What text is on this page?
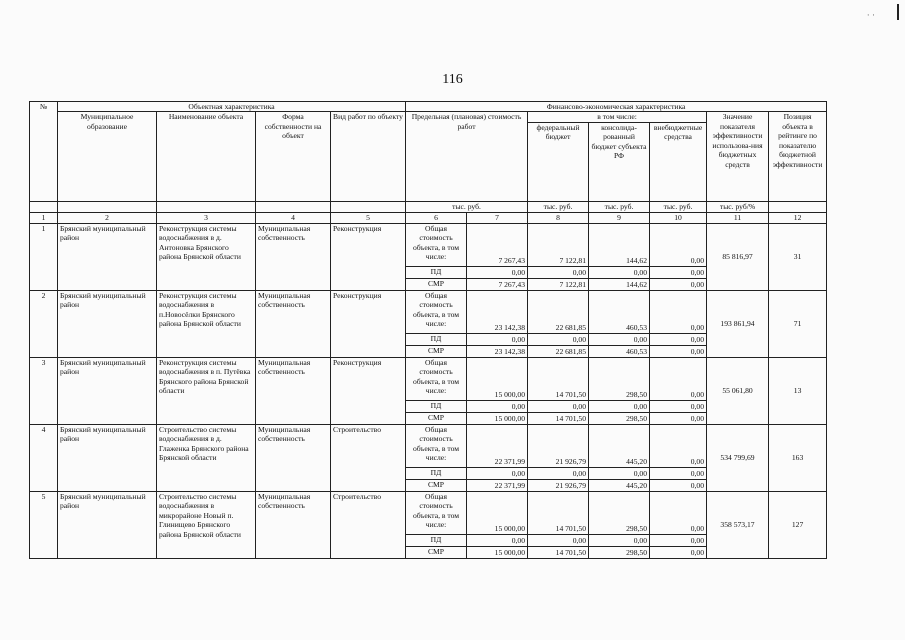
· ·
116
№	Объектная характеристика				Финансово-экономическая характеристика						
	Муниципальное образование	Наименование объекта	Форма собственности на объект	Вид работ по объекту	Предельная (плановая) стоимость работ		в том числе:			Значение показателя эффективности использова-ния бюджетных средств	Позиция объекта в рейтинге по показателю бюджетной эффективности
							федеральный бюджет	консолидарованный бюджет субъекта РФ	внебюджетные средства		
					тыс. руб.		тыс. руб.	тыс. руб.	тыс. руб.	тыс. руб/%	
1	2	3	4	5	6	7	8	9	10	11	12
1	Брянский муниципальный район	Реконструкция системы водоснабжения в д. Антоновка Брянского района Брянской области	Муниципальная собственность	Реконструкция	Общая стоимость объекта, в том числе:	7 267,43	7 122,81	144,62	0,00	85 816,97	31
					ПД	0,00	0,00	0,00	0,00		
					СМР	7 267,43	7 122,81	144,62	0,00		
2	Брянский муниципальный район	Реконструкция системы водоснабжения в п.Новосёлки Брянского района Брянской области	Муниципальная собственность	Реконструкция	Общая стоимость объекта, в том числе:	23 142,38	22 681,85	460,53	0,00	193 861,94	71
					ПД	0,00	0,00	0,00	0,00		
					СМР	23 142,38	22 681,85	460,53	0,00		
3	Брянский муниципальный район	Реконструкция системы водоснабжения в п. Путёвка Брянского района Брянской области	Муниципальная собственность	Реконструкция	Общая стоимость объекта, в том числе:	15 000,00	14 701,50	298,50	0,00	55 061,80	13
					ПД	0,00	0,00	0,00	0,00		
					СМР	15 000,00	14 701,50	298,50	0,00		
4	Брянский муниципальный район	Строительство системы водоснабжения в д. Глаженка Брянского района Брянской области	Муниципальная собственность	Строительство	Общая стоимость объекта, в том числе:	22 371,99	21 926,79	445,20	0,00	534 799,69	163
					ПД	0,00	0,00	0,00	0,00		
					СМР	22 371,99	21 926,79	445,20	0,00		
5	Брянский муниципальный район	Строительство системы водоснабжения в микрорайоне Новый п. Глинищево Брянского района Брянской области	Муниципальная собственность	Строительство	Общая стоимость объекта, в том числе:	15 000,00	14 701,50	298,50	0,00	358 573,17	127
					ПД	0,00	0,00	0,00	0,00		
					СМР	15 000,00	14 701,50	298,50	0,00		
